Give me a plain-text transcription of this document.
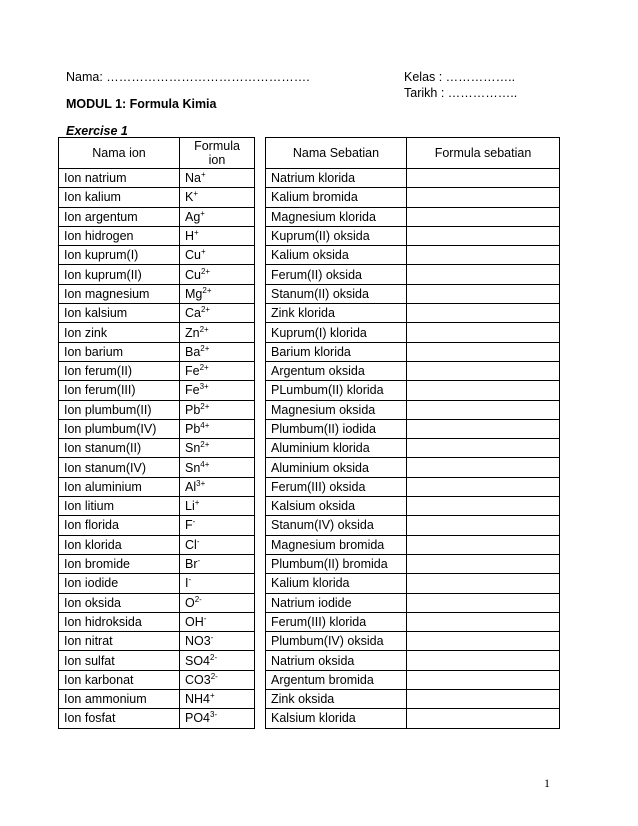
Nama: ………………………………………….	Kelas : ……………..
Tarikh : ……………..
MODUL 1: Formula Kimia
Exercise 1
Nama ion	Formula ion
Ion natrium	Na+
Ion kalium	K+
Ion argentum	Ag+
Ion hidrogen	H+
Ion kuprum(I)	Cu+
Ion kuprum(II)	$Cu^{2+}$
Ion magnesium	$Mg^{2+}$
Ion kalsium	$Ca^{2+}$
Ion zink	$Zn^{2+}$
Ion barium	$Ba^{2+}$
Ion ferum(II)	$Fe^{2+}$
Ion ferum(III)	$Fe^{3+}$
Ion plumbum(II)	$Pb^{2+}$
Ion plumbum(IV)	$Pb^{4+}$
Ion stanum(II)	$Sn^{2+}$
Ion stanum(IV)	$Sn^{4+}$
Ion aluminium	$Al^{3+}$
Ion litium	Li+
Ion florida	F-
Ion klorida	Cl-
Ion bromide	Br-
Ion iodide	I-
Ion oksida	$O^{2-}$
Ion hidroksida	OH-
Ion nitrat	NO3-
Ion sulfat	$SO4^{2-}$
Ion karbonat	$CO3^{2-}$
Ion ammonium	NH4+
Ion fosfat	$PO4^{3-}$
Nama Sebatian	Formula sebatian
Natrium klorida	
Kalium bromida	
Magnesium klorida	
Kuprum(II) oksida	
Kalium oksida	
Ferum(II) oksida	
Stanum(II) oksida	
Zink klorida	
Kuprum(I) klorida	
Barium klorida	
Argentum oksida	
PLumbum(II) klorida	
Magnesium oksida	
Plumbum(II) iodida	
Aluminium klorida	
Aluminium oksida	
Ferum(III) oksida	
Kalsium oksida	
Stanum(IV) oksida	
Magnesium bromida	
Plumbum(II) bromida	
Kalium klorida	
Natrium iodide	
Ferum(III) klorida	
Plumbum(IV) oksida	
Natrium oksida	
Argentum bromida	
Zink oksida	
Kalsium klorida	
1
